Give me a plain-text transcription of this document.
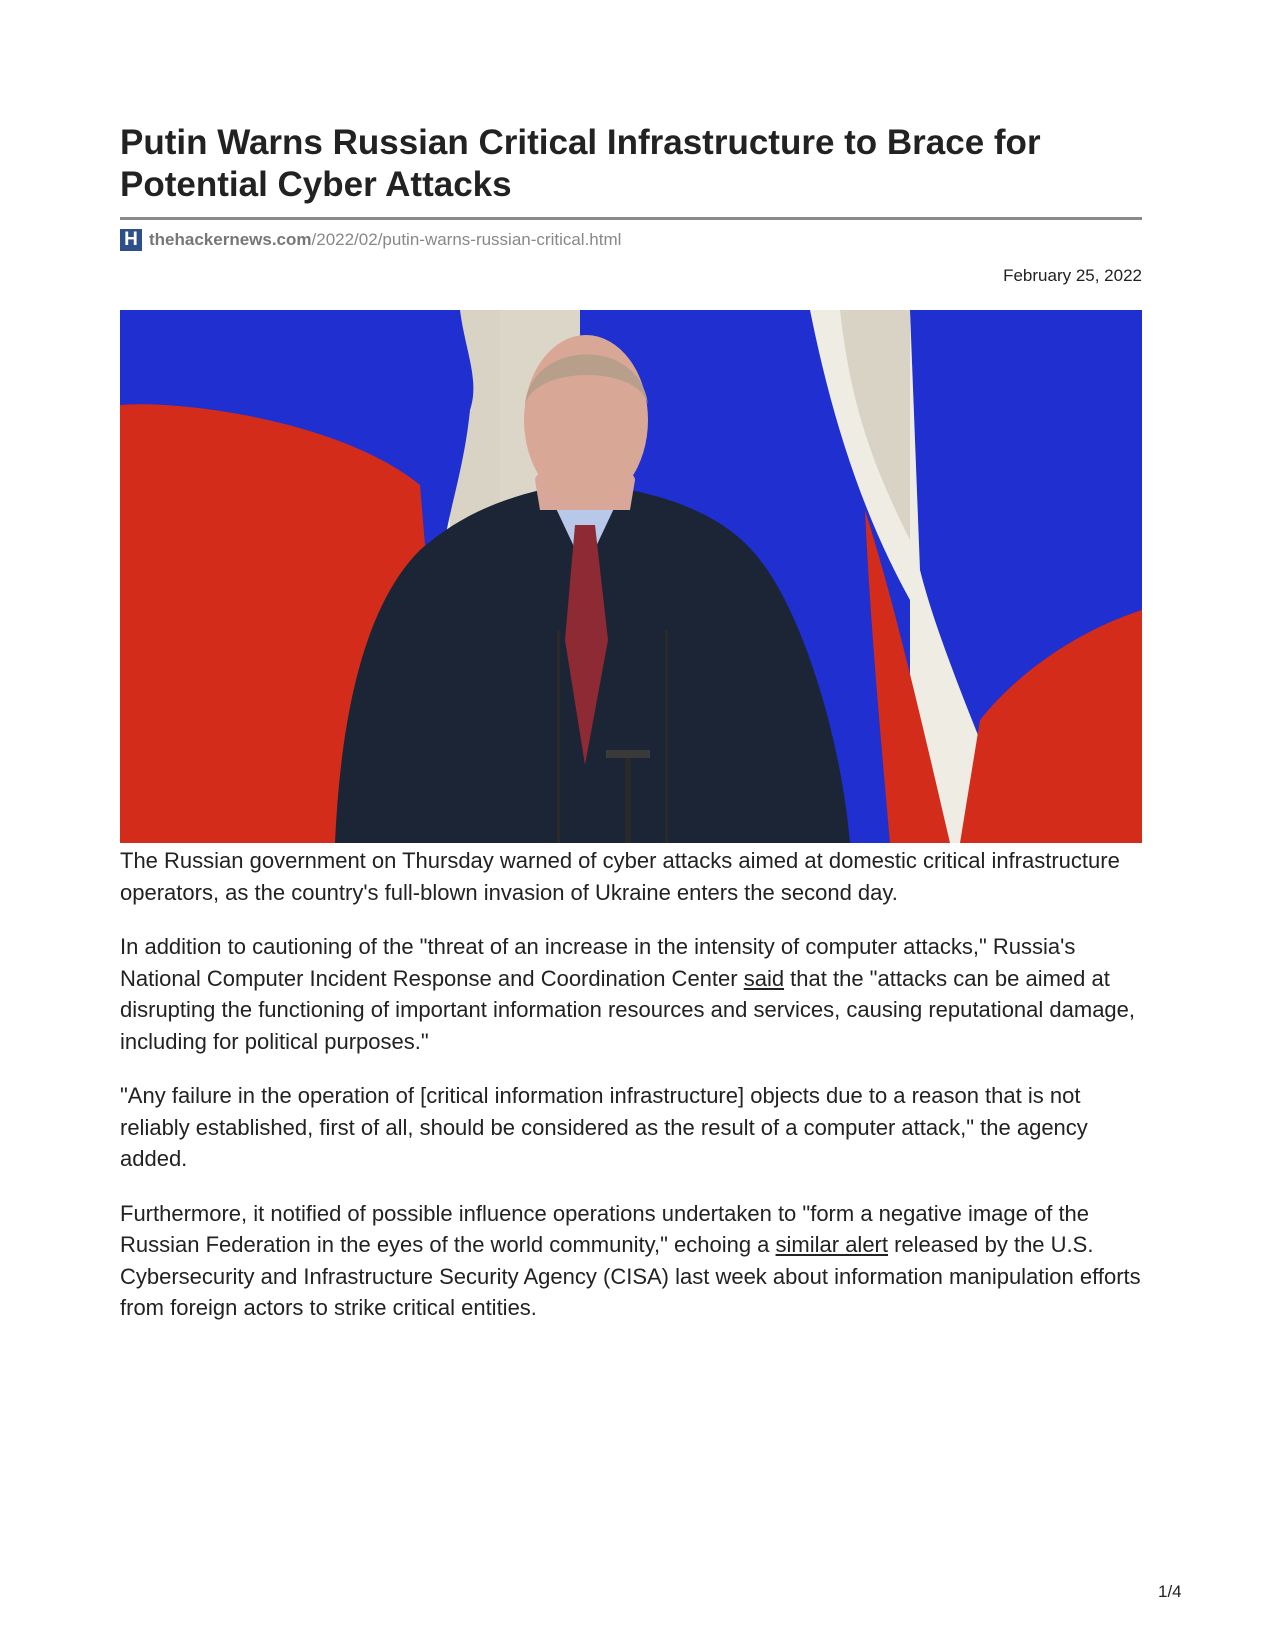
Putin Warns Russian Critical Infrastructure to Brace for Potential Cyber Attacks
H thehackernews.com /2022/02/putin-warns-russian-critical.html
February 25, 2022

The Russian government on Thursday warned of cyber attacks aimed at domestic critical infrastructure operators, as the country's full-blown invasion of Ukraine enters the second day.

In addition to cautioning of the "threat of an increase in the intensity of computer attacks," Russia's National Computer Incident Response and Coordination Center said that the "attacks can be aimed at disrupting the functioning of important information resources and services, causing reputational damage, including for political purposes."

"Any failure in the operation of [critical information infrastructure] objects due to a reason that is not reliably established, first of all, should be considered as the result of a computer attack," the agency added.

Furthermore, it notified of possible influence operations undertaken to "form a negative image of the Russian Federation in the eyes of the world community," echoing a similar alert released by the U.S. Cybersecurity and Infrastructure Security Agency (CISA) last week about information manipulation efforts from foreign actors to strike critical entities.

1/4
